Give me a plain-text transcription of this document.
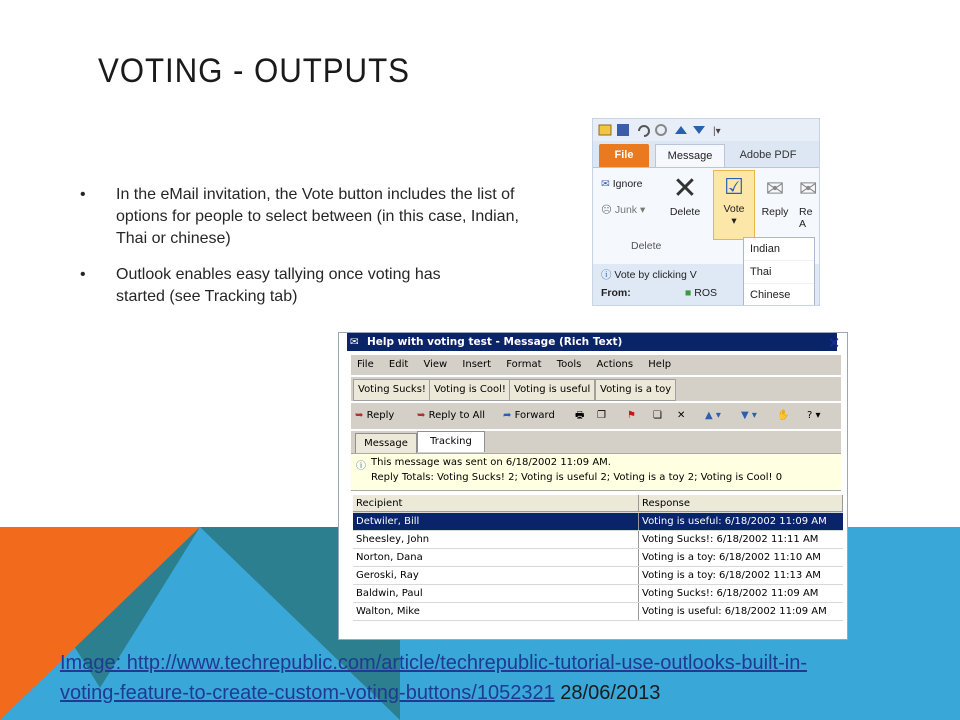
VOTING - OUTPUTS
•	In the eMail invitation, the Vote button includes the list of options for people to select between (in this case, Indian, Thai or chinese)
•	Outlook enables easy tallying once voting has started (see Tracking tab)
|▾
File	Message	Adobe PDF
✉ Ignore
☹ Junk ▾
✕
Delete
☑
Vote
▾
✉
Reply
✉
Re
A
Delete
ⓘ Vote by clicking V
From:	■ ROS
Indian
Thai
Chinese
✉ Help with voting test - Message (Rich Text)	✕
File Edit View Insert Format Tools Actions Help
Voting Sucks! Voting is Cool! Voting is useful Voting is a toy
➥ Reply ➥ Reply to All ➦ Forward 🖶 ❐ ⚑ ❏ ✕ ▲ ▾ ▼ ▾ ✋ ? ▾
Message	Tracking
ⓘ This message was sent on 6/18/2002 11:09 AM.
Reply Totals: Voting Sucks! 2; Voting is useful 2; Voting is a toy 2; Voting is Cool! 0
Recipient	Response
Detwiler, Bill	Voting is useful: 6/18/2002 11:09 AM
Sheesley, John	Voting Sucks!: 6/18/2002 11:11 AM
Norton, Dana	Voting is a toy: 6/18/2002 11:10 AM
Geroski, Ray	Voting is a toy: 6/18/2002 11:13 AM
Baldwin, Paul	Voting Sucks!: 6/18/2002 11:09 AM
Walton, Mike	Voting is useful: 6/18/2002 11:09 AM
Image: http://www.techrepublic.com/article/techrepublic-tutorial-use-outlooks-built-in-voting-feature-to-create-custom-voting-buttons/1052321 28/06/2013
